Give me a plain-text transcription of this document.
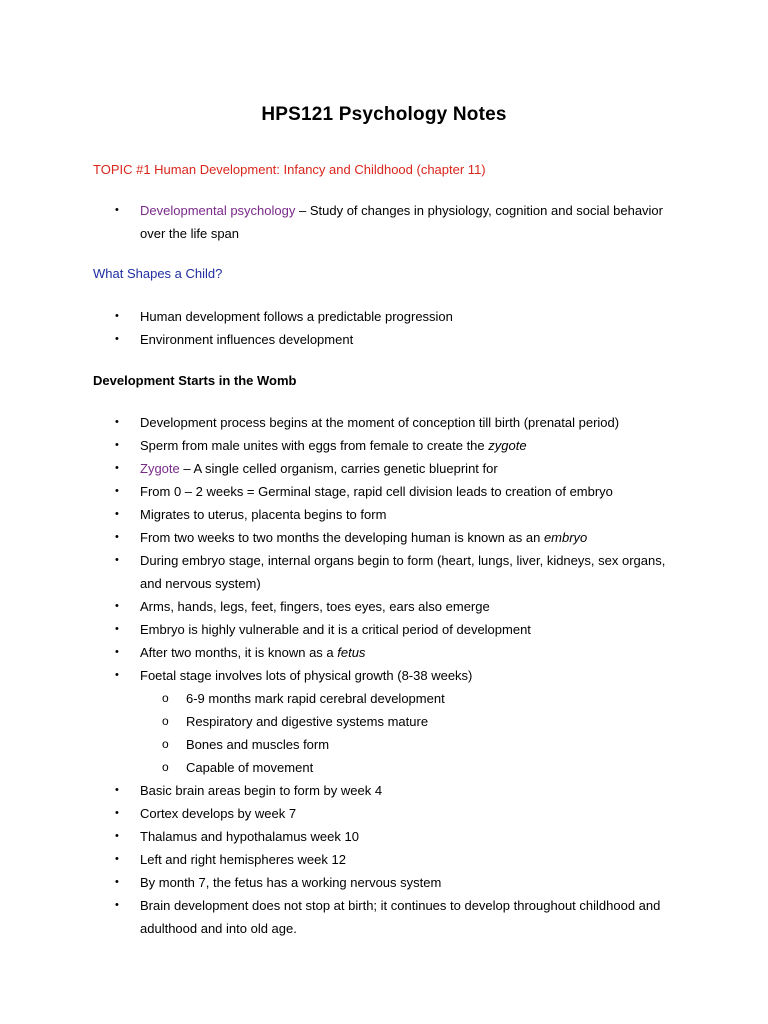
HPS121 Psychology Notes
TOPIC #1 Human Development: Infancy and Childhood (chapter 11)
• Developmental psychology – Study of changes in physiology, cognition and social behavior
over the life span
What Shapes a Child?
• Human development follows a predictable progression
• Environment influences development
Development Starts in the Womb
• Development process begins at the moment of conception till birth (prenatal period)
• Sperm from male unites with eggs from female to create the zygote
• Zygote – A single celled organism, carries genetic blueprint for
• From 0 – 2 weeks = Germinal stage, rapid cell division leads to creation of embryo
• Migrates to uterus, placenta begins to form
• From two weeks to two months the developing human is known as an embryo
• During embryo stage, internal organs begin to form (heart, lungs, liver, kidneys, sex organs,
and nervous system)
• Arms, hands, legs, feet, fingers, toes eyes, ears also emerge
• Embryo is highly vulnerable and it is a critical period of development
• After two months, it is known as a fetus
• Foetal stage involves lots of physical growth (8-38 weeks)
o 6-9 months mark rapid cerebral development
o Respiratory and digestive systems mature
o Bones and muscles form
o Capable of movement
• Basic brain areas begin to form by week 4
• Cortex develops by week 7
• Thalamus and hypothalamus week 10
• Left and right hemispheres week 12
• By month 7, the fetus has a working nervous system
• Brain development does not stop at birth; it continues to develop throughout childhood and
adulthood and into old age.
